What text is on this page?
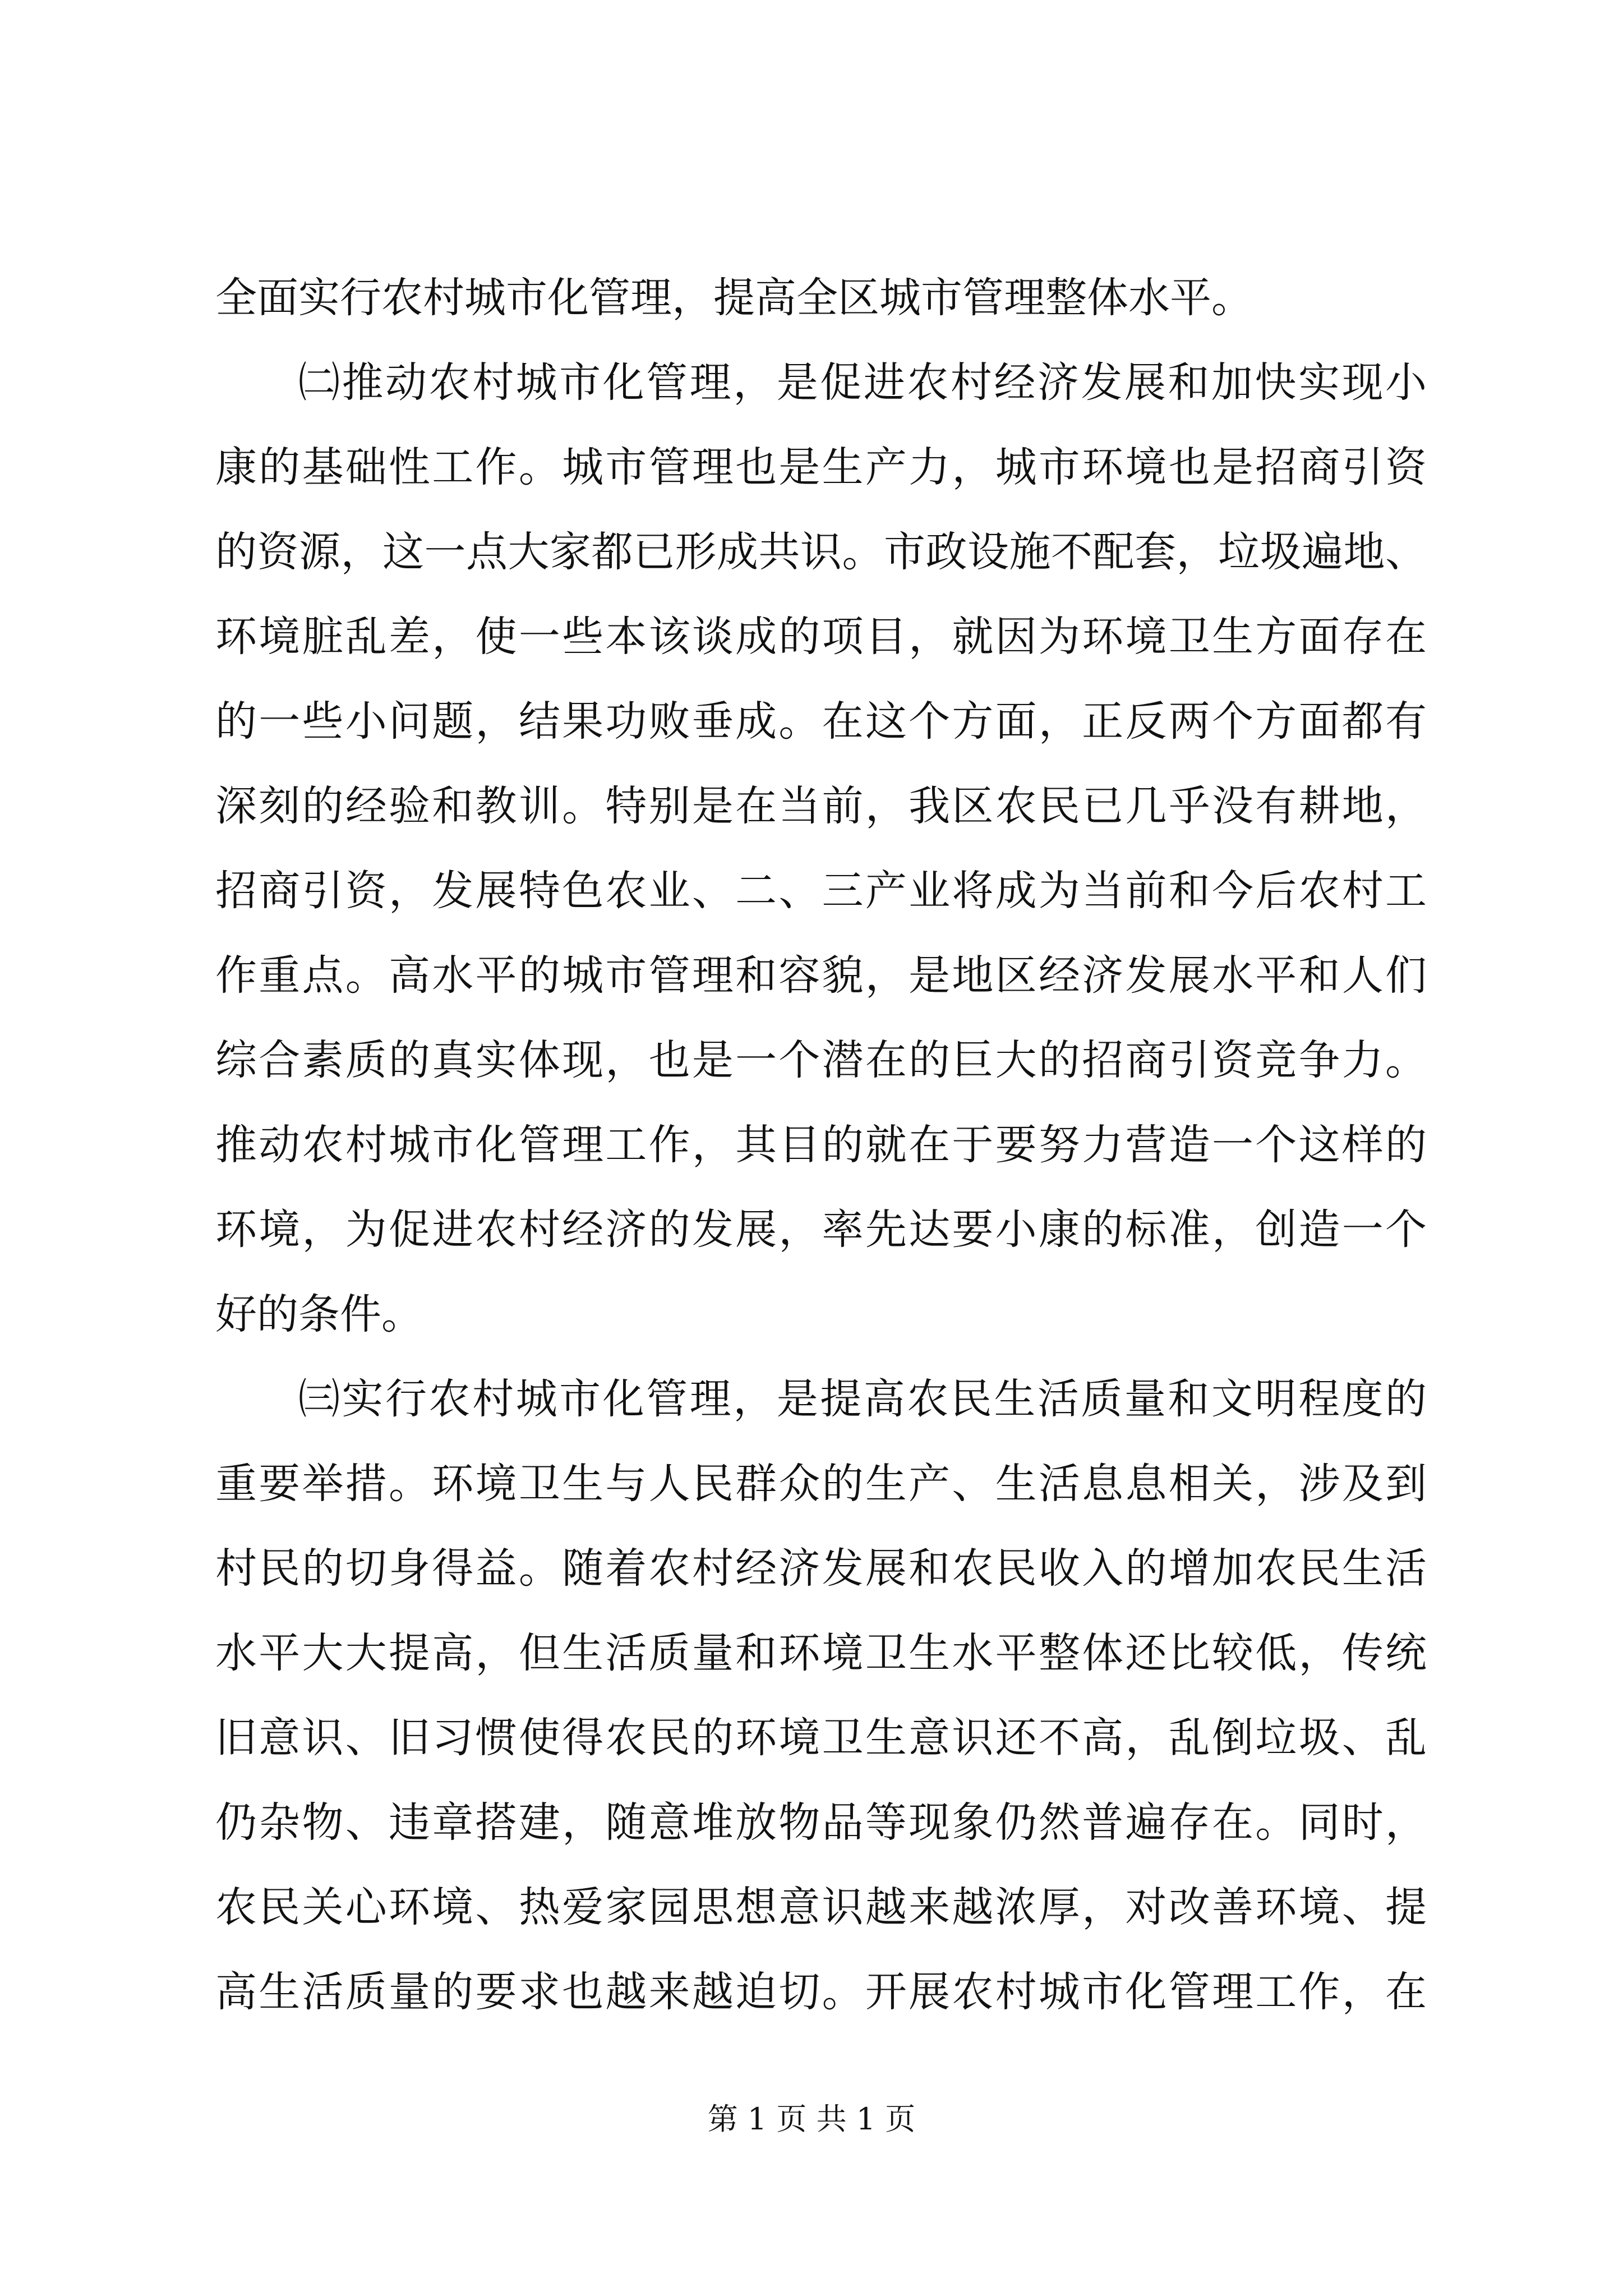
全面实行农村城市化管理，提高全区城市管理整体水平。
㈡推动农村城市化管理，是促进农村经济发展和加快实现小
康的基础性工作。城市管理也是生产力，城市环境也是招商引资
的资源，这一点大家都已形成共识。市政设施不配套，垃圾遍地、
环境脏乱差，使一些本该谈成的项目，就因为环境卫生方面存在
的一些小问题，结果功败垂成。在这个方面，正反两个方面都有
深刻的经验和教训。特别是在当前，我区农民已几乎没有耕地，
招商引资，发展特色农业、二、三产业将成为当前和今后农村工
作重点。高水平的城市管理和容貌，是地区经济发展水平和人们
综合素质的真实体现，也是一个潜在的巨大的招商引资竞争力。
推动农村城市化管理工作，其目的就在于要努力营造一个这样的
环境，为促进农村经济的发展，率先达要小康的标准，创造一个
好的条件。
㈢实行农村城市化管理，是提高农民生活质量和文明程度的
重要举措。环境卫生与人民群众的生产、生活息息相关，涉及到
村民的切身得益。随着农村经济发展和农民收入的增加农民生活
水平大大提高，但生活质量和环境卫生水平整体还比较低，传统
旧意识、旧习惯使得农民的环境卫生意识还不高，乱倒垃圾、乱
仍杂物、违章搭建，随意堆放物品等现象仍然普遍存在。同时，
农民关心环境、热爱家园思想意识越来越浓厚，对改善环境、提
高生活质量的要求也越来越迫切。开展农村城市化管理工作，在
第 1 页 共 1 页
